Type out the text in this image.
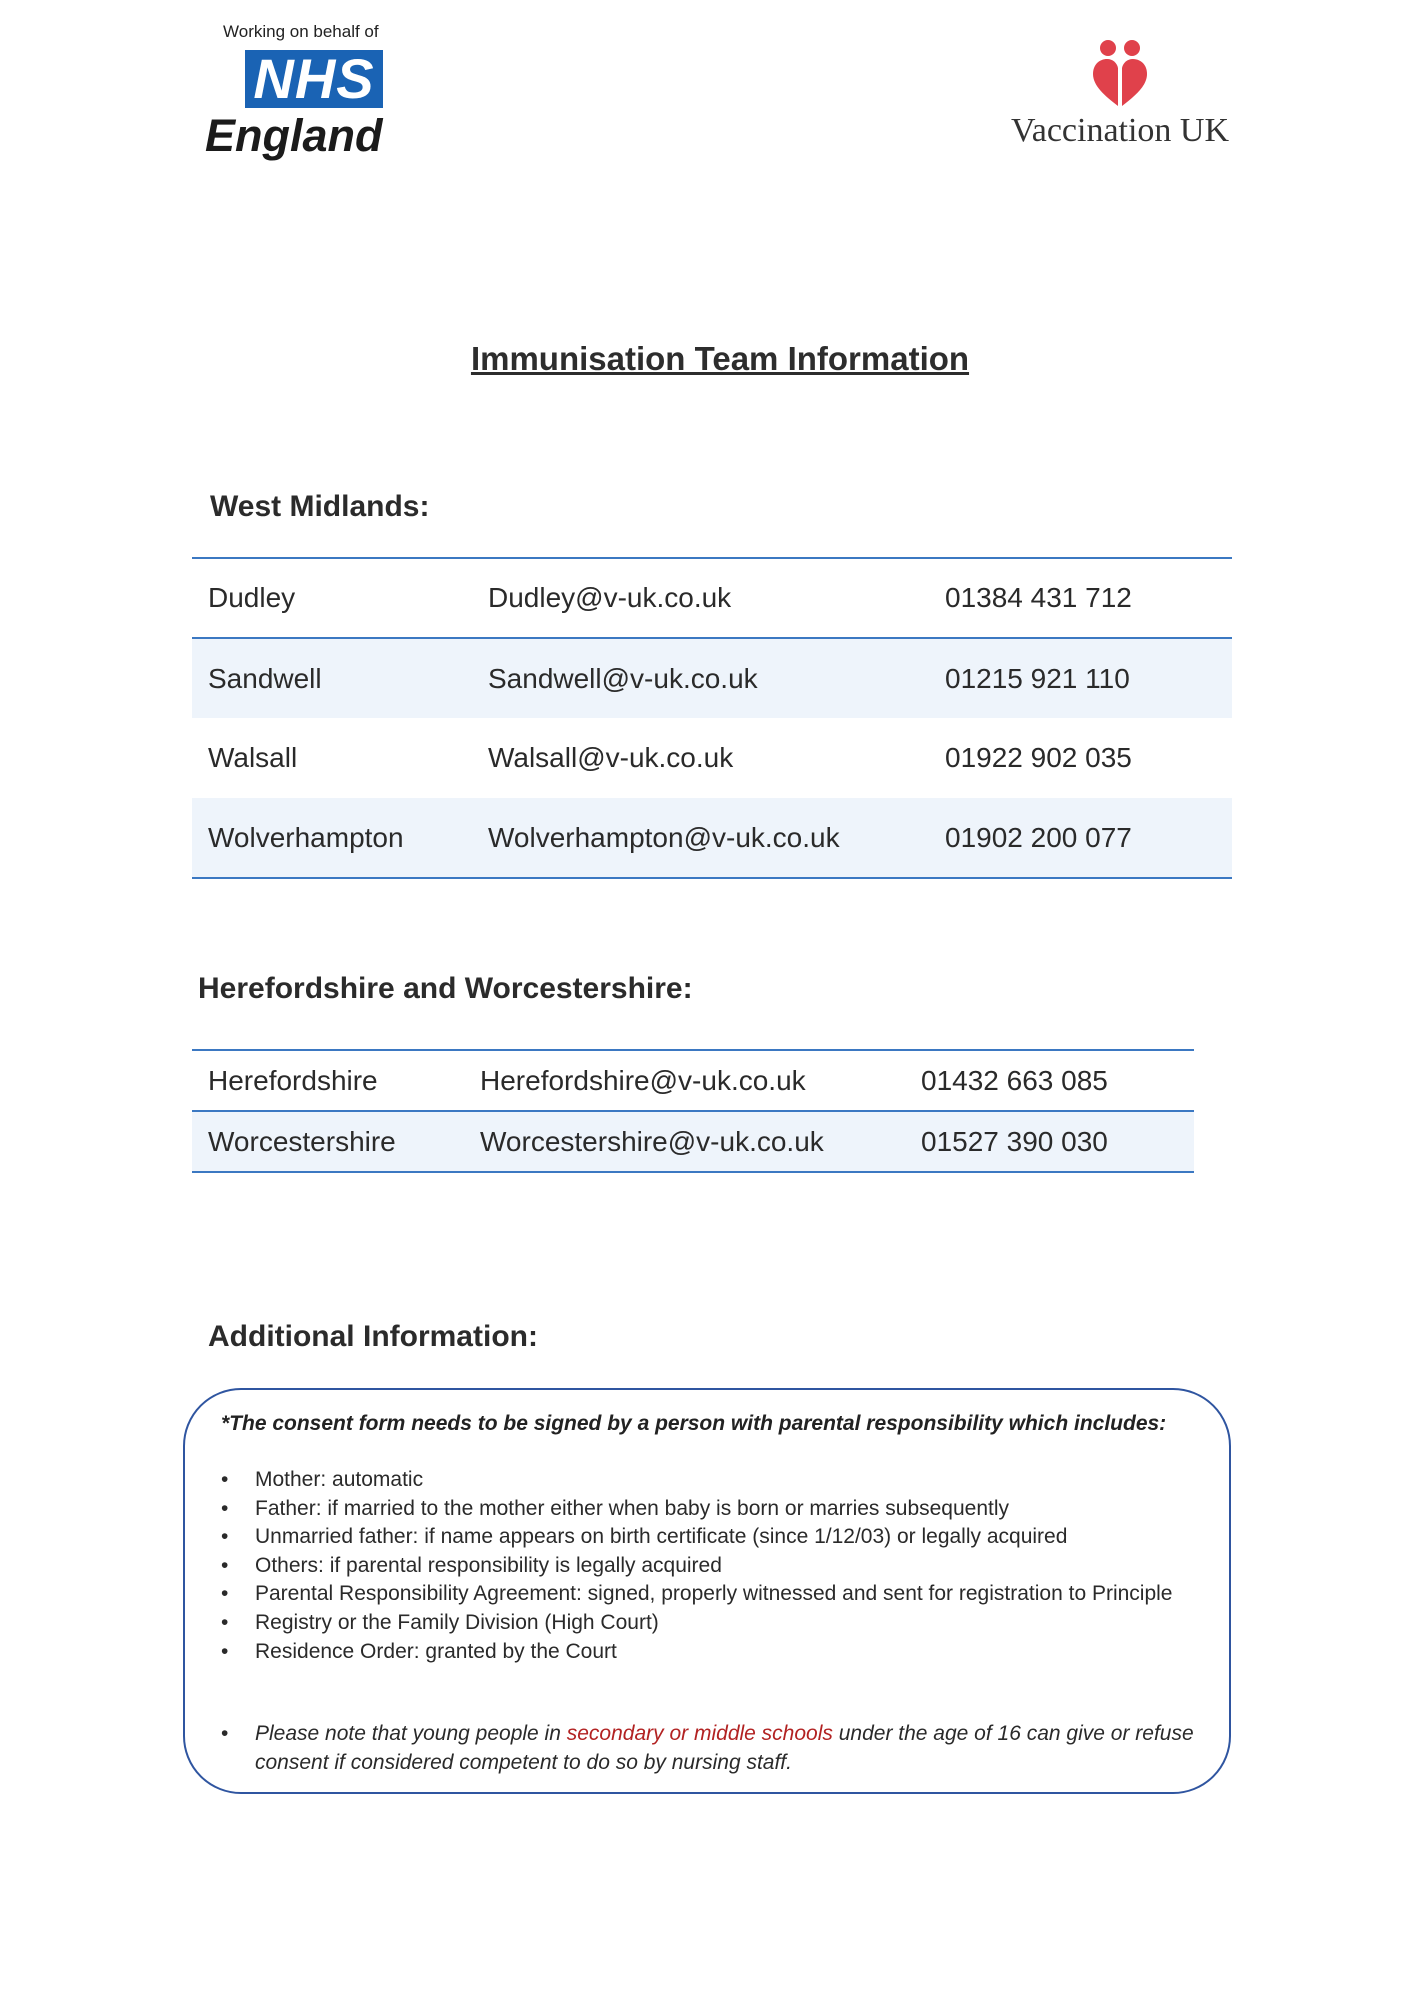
Working on behalf of
NHS
England	Vaccination UK
Immunisation Team Information
West Midlands:
Dudley	Dudley@v-uk.co.uk	01384 431 712
Sandwell	Sandwell@v-uk.co.uk	01215 921 110
Walsall	Walsall@v-uk.co.uk	01922 902 035
Wolverhampton	Wolverhampton@v-uk.co.uk	01902 200 077
Herefordshire and Worcestershire:
Herefordshire	Herefordshire@v-uk.co.uk	01432 663 085
Worcestershire	Worcestershire@v-uk.co.uk	01527 390 030
Additional Information:
*The consent form needs to be signed by a person with parental responsibility which includes:
• Mother: automatic
• Father: if married to the mother either when baby is born or marries subsequently
• Unmarried father: if name appears on birth certificate (since 1/12/03) or legally acquired
• Others: if parental responsibility is legally acquired
• Parental Responsibility Agreement: signed, properly witnessed and sent for registration to Principle
• Registry or the Family Division (High Court)
• Residence Order: granted by the Court
• Please note that young people in secondary or middle schools under the age of 16 can give or refuse consent if considered competent to do so by nursing staff.
